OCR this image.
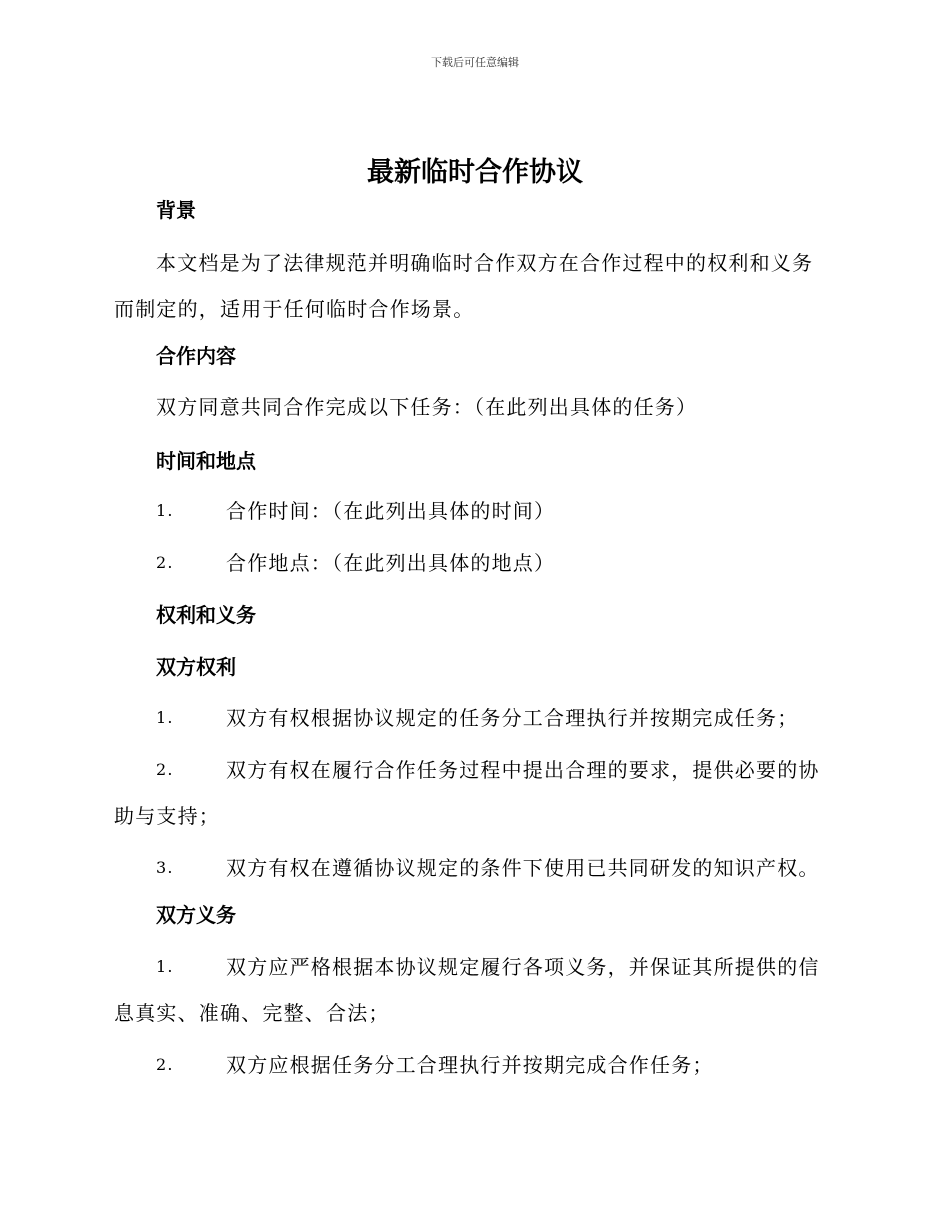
下载后可任意编辑
最新临时合作协议
背景

本文档是为了法律规范并明确临时合作双方在合作过程中的权利和义务而制定的，适用于任何临时合作场景。

合作内容

双方同意共同合作完成以下任务：（在此列出具体的任务）

时间和地点

1.	合作时间：（在此列出具体的时间）

2.	合作地点：（在此列出具体的地点）

权利和义务
双方权利

1.	双方有权根据协议规定的任务分工合理执行并按期完成任务；

2.	双方有权在履行合作任务过程中提出合理的要求，提供必要的协助与支持；

3.	双方有权在遵循协议规定的条件下使用已共同研发的知识产权。

双方义务

1.	双方应严格根据本协议规定履行各项义务，并保证其所提供的信息真实、准确、完整、合法；

2.	双方应根据任务分工合理执行并按期完成合作任务；
